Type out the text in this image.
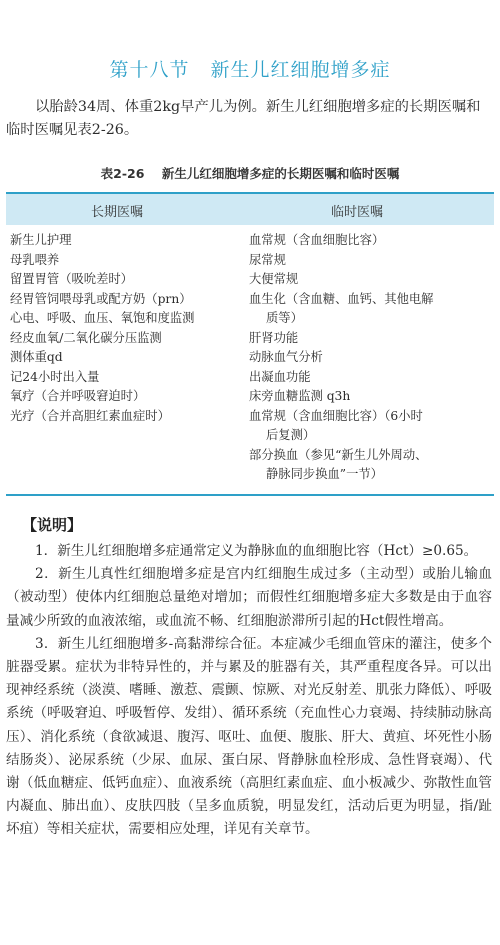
第十八节   新生儿红细胞增多症
以胎龄34周、体重2kg早产儿为例。新生儿红细胞增多症的长期医嘱和临时医嘱见表2-26。
表2-26    新生儿红细胞增多症的长期医嘱和临时医嘱
长期医嘱	临时医嘱
新生儿护理
母乳喂养
留置胃管（吸吮差时）
经胃管饲喂母乳或配方奶（prn）
心电、呼吸、血压、氧饱和度监测
经皮血氧/二氧化碳分压监测
测体重qd
记24小时出入量
氧疗（合并呼吸窘迫时）
光疗（合并高胆红素血症时）
血常规（含血细胞比容）
尿常规
大便常规
血生化（含血糖、血钙、其他电解
质等）
肝肾功能
动脉血气分析
出凝血功能
床旁血糖监测 q3h
血常规（含血细胞比容）（6小时
后复测）
部分换血（参见“新生儿外周动、
静脉同步换血”一节）
【说明】

1．新生儿红细胞增多症通常定义为静脉血的血细胞比容（Hct）≥0.65。

2．新生儿真性红细胞增多症是宫内红细胞生成过多（主动型）或胎儿输血（被动型）使体内红细胞总量绝对增加；而假性红细胞增多症大多数是由于血容量减少所致的血液浓缩，或血流不畅、红细胞淤滞所引起的Hct假性增高。

3．新生儿红细胞增多-高黏滞综合征。本症减少毛细血管床的灌注，使多个脏器受累。症状为非特异性的，并与累及的脏器有关，其严重程度各异。可以出现神经系统（淡漠、嗜睡、激惹、震颤、惊厥、对光反射差、肌张力降低）、呼吸系统（呼吸窘迫、呼吸暂停、发绀）、循环系统（充血性心力衰竭、持续肺动脉高压）、消化系统（食欲减退、腹泻、呕吐、血便、腹胀、肝大、黄疸、坏死性小肠结肠炎）、泌尿系统（少尿、血尿、蛋白尿、肾静脉血栓形成、急性肾衰竭）、代谢（低血糖症、低钙血症）、血液系统（高胆红素血症、血小板减少、弥散性血管内凝血、肺出血）、皮肤四肢（呈多血质貌，明显发红，活动后更为明显，指/趾坏疽）等相关症状，需要相应处理，详见有关章节。
